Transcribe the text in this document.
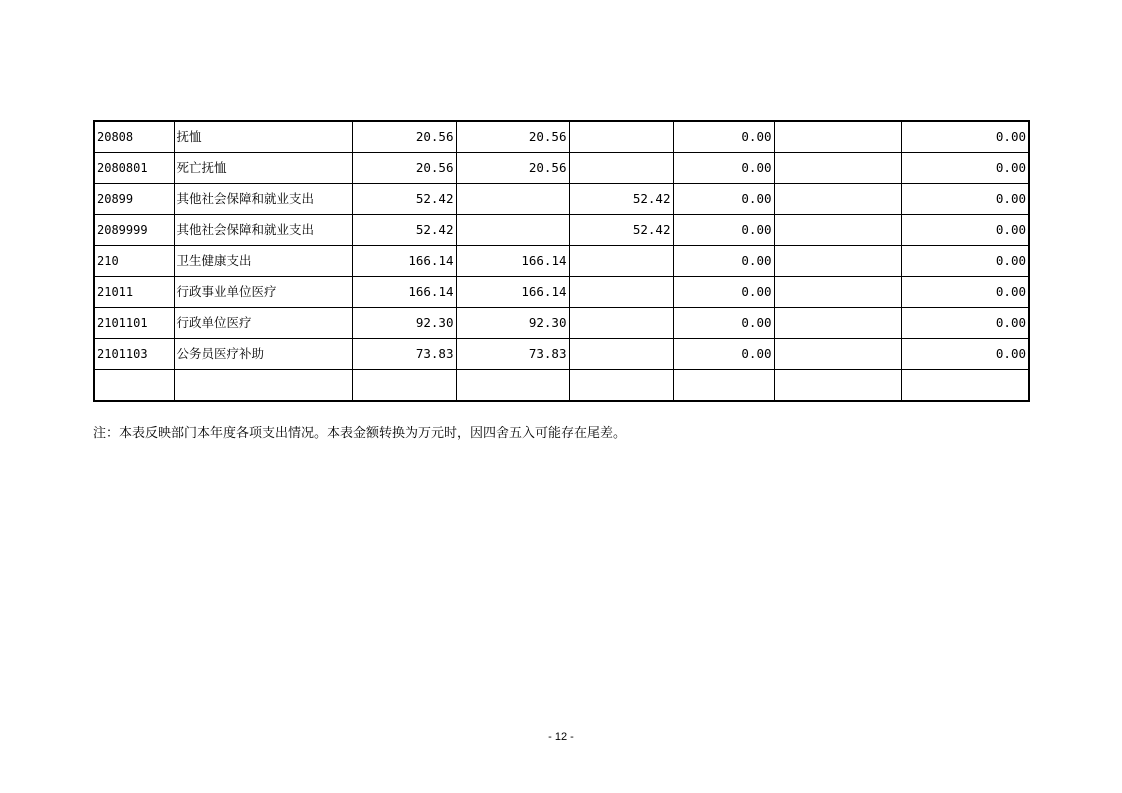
20808	抚恤	20.56	20.56		0.00		0.00
2080801	死亡抚恤	20.56	20.56		0.00		0.00
20899	其他社会保障和就业支出	52.42		52.42	0.00		0.00
2089999	其他社会保障和就业支出	52.42		52.42	0.00		0.00
210	卫生健康支出	166.14	166.14		0.00		0.00
21011	行政事业单位医疗	166.14	166.14		0.00		0.00
2101101	行政单位医疗	92.30	92.30		0.00		0.00
2101103	公务员医疗补助	73.83	73.83		0.00		0.00

注：本表反映部门本年度各项支出情况。本表金额转换为万元时，因四舍五入可能存在尾差。
- 12 -
